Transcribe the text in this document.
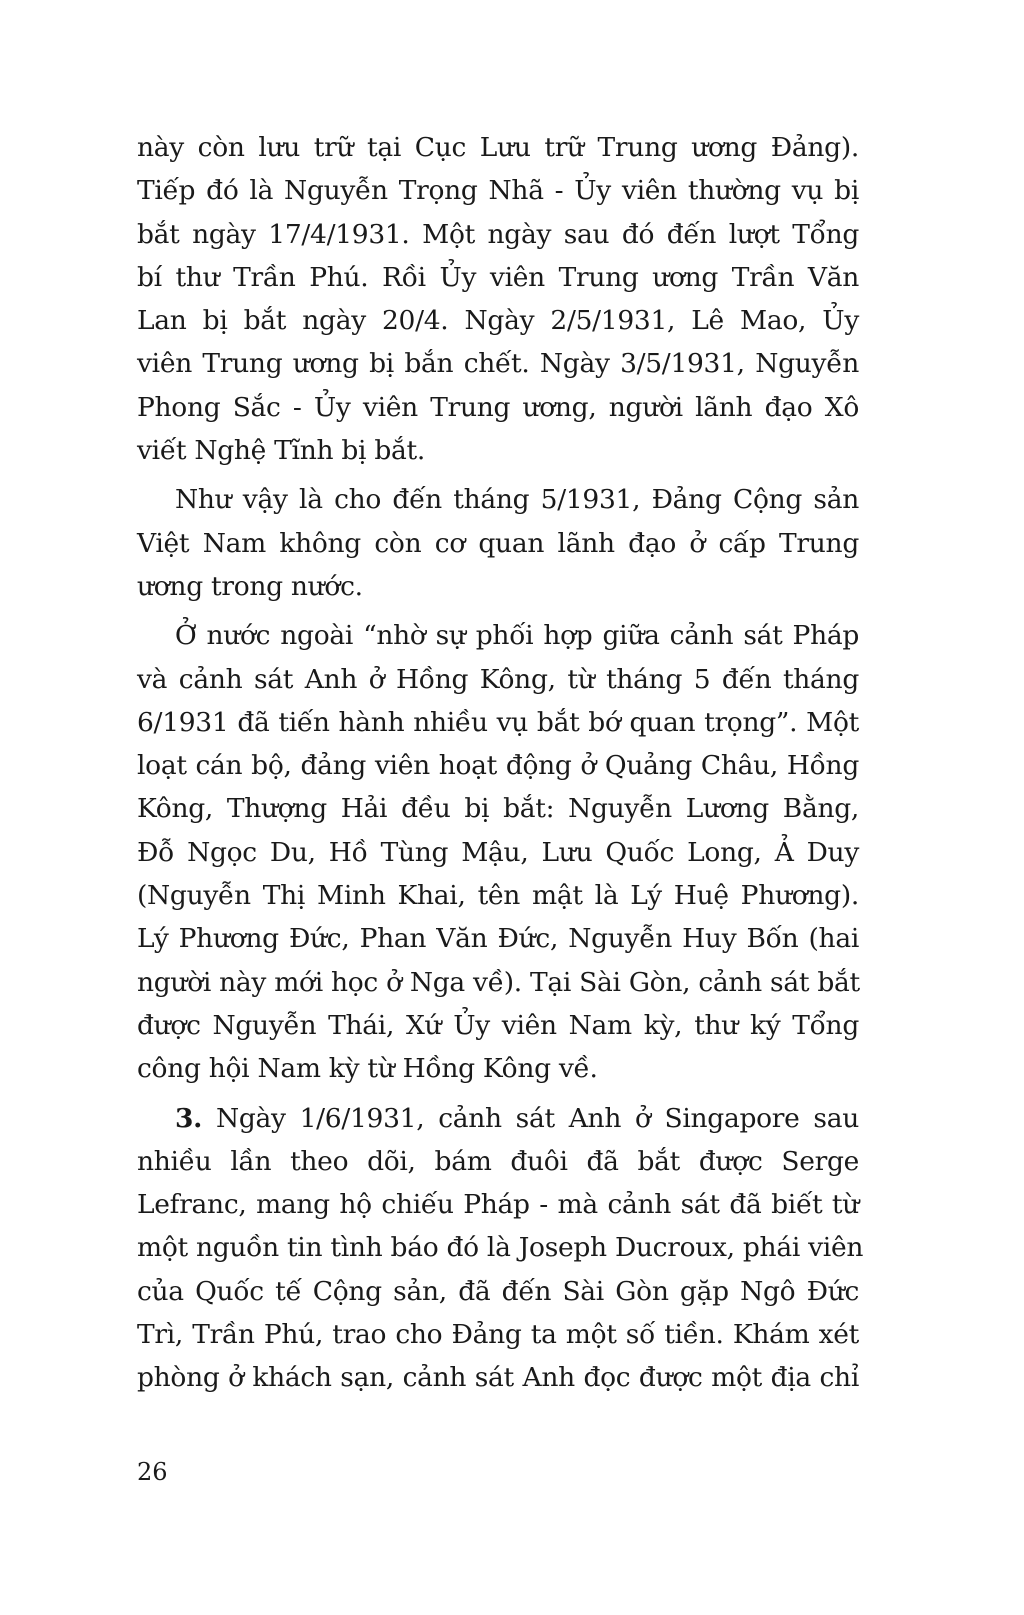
này còn lưu trữ tại Cục Lưu trữ Trung ương Đảng).
Tiếp đó là Nguyễn Trọng Nhã - Ủy viên thường vụ bị
bắt ngày 17/4/1931. Một ngày sau đó đến lượt Tổng
bí thư Trần Phú. Rồi Ủy viên Trung ương Trần Văn
Lan bị bắt ngày 20/4. Ngày 2/5/1931, Lê Mao, Ủy
viên Trung ương bị bắn chết. Ngày 3/5/1931, Nguyễn
Phong Sắc - Ủy viên Trung ương, người lãnh đạo Xô
viết Nghệ Tĩnh bị bắt.
Như vậy là cho đến tháng 5/1931, Đảng Cộng sản
Việt Nam không còn cơ quan lãnh đạo ở cấp Trung
ương trong nước.
Ở nước ngoài “nhờ sự phối hợp giữa cảnh sát Pháp
và cảnh sát Anh ở Hồng Kông, từ tháng 5 đến tháng
6/1931 đã tiến hành nhiều vụ bắt bớ quan trọng”. Một
loạt cán bộ, đảng viên hoạt động ở Quảng Châu, Hồng
Kông, Thượng Hải đều bị bắt: Nguyễn Lương Bằng,
Đỗ Ngọc Du, Hồ Tùng Mậu, Lưu Quốc Long, Ả Duy
(Nguyễn Thị Minh Khai, tên mật là Lý Huệ Phương).
Lý Phương Đức, Phan Văn Đức, Nguyễn Huy Bốn (hai
người này mới học ở Nga về). Tại Sài Gòn, cảnh sát bắt
được Nguyễn Thái, Xứ Ủy viên Nam kỳ, thư ký Tổng
công hội Nam kỳ từ Hồng Kông về.
3. Ngày 1/6/1931, cảnh sát Anh ở Singapore sau
nhiều lần theo dõi, bám đuôi đã bắt được Serge
Lefranc, mang hộ chiếu Pháp - mà cảnh sát đã biết từ
một nguồn tin tình báo đó là Joseph Ducroux, phái viên
của Quốc tế Cộng sản, đã đến Sài Gòn gặp Ngô Đức
Trì, Trần Phú, trao cho Đảng ta một số tiền. Khám xét
phòng ở khách sạn, cảnh sát Anh đọc được một địa chỉ
26
